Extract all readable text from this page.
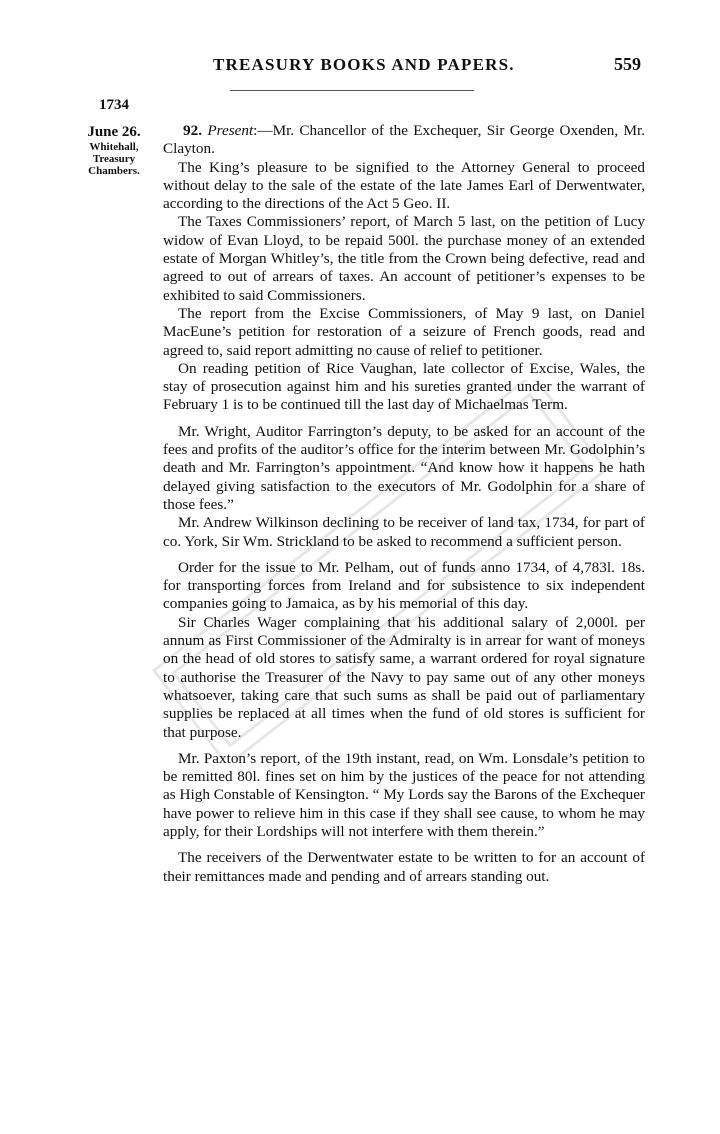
TREASURY BOOKS AND PAPERS.	559
1734
June 26.
Whitehall,
Treasury
Chambers.

92. Present:—Mr. Chancellor of the Exchequer, Sir George Oxenden, Mr. Clayton.

The King’s pleasure to be signified to the Attorney General to proceed without delay to the sale of the estate of the late James Earl of Derwentwater, according to the directions of the Act 5 Geo. II.

The Taxes Commissioners’ report, of March 5 last, on the petition of Lucy widow of Evan Lloyd, to be repaid 500l. the purchase money of an extended estate of Morgan Whitley’s, the title from the Crown being defective, read and agreed to out of arrears of taxes. An account of petitioner’s expenses to be exhibited to said Commissioners.

The report from the Excise Commissioners, of May 9 last, on Daniel MacEune’s petition for restoration of a seizure of French goods, read and agreed to, said report admitting no cause of relief to petitioner.

On reading petition of Rice Vaughan, late collector of Excise, Wales, the stay of prosecution against him and his sureties granted under the warrant of February 1 is to be continued till the last day of Michaelmas Term.

Mr. Wright, Auditor Farrington’s deputy, to be asked for an account of the fees and profits of the auditor’s office for the interim between Mr. Godolphin’s death and Mr. Farrington’s appointment. “And know how it happens he hath delayed giving satisfaction to the executors of Mr. Godolphin for a share of those fees.”

Mr. Andrew Wilkinson declining to be receiver of land tax, 1734, for part of co. York, Sir Wm. Strickland to be asked to recommend a sufficient person.

Order for the issue to Mr. Pelham, out of funds anno 1734, of 4,783l. 18s. for transporting forces from Ireland and for subsistence to six independent companies going to Jamaica, as by his memorial of this day.

Sir Charles Wager complaining that his additional salary of 2,000l. per annum as First Commissioner of the Admiralty is in arrear for want of moneys on the head of old stores to satisfy same, a warrant ordered for royal signature to authorise the Treasurer of the Navy to pay same out of any other moneys whatsoever, taking care that such sums as shall be paid out of parliamentary supplies be replaced at all times when the fund of old stores is sufficient for that purpose.

Mr. Paxton’s report, of the 19th instant, read, on Wm. Lonsdale’s petition to be remitted 80l. fines set on him by the justices of the peace for not attending as High Constable of Kensington. “ My Lords say the Barons of the Exchequer have power to relieve him in this case if they shall see cause, to whom he may apply, for their Lordships will not interfere with them therein.”

The receivers of the Derwentwater estate to be written to for an account of their remittances made and pending and of arrears standing out.
